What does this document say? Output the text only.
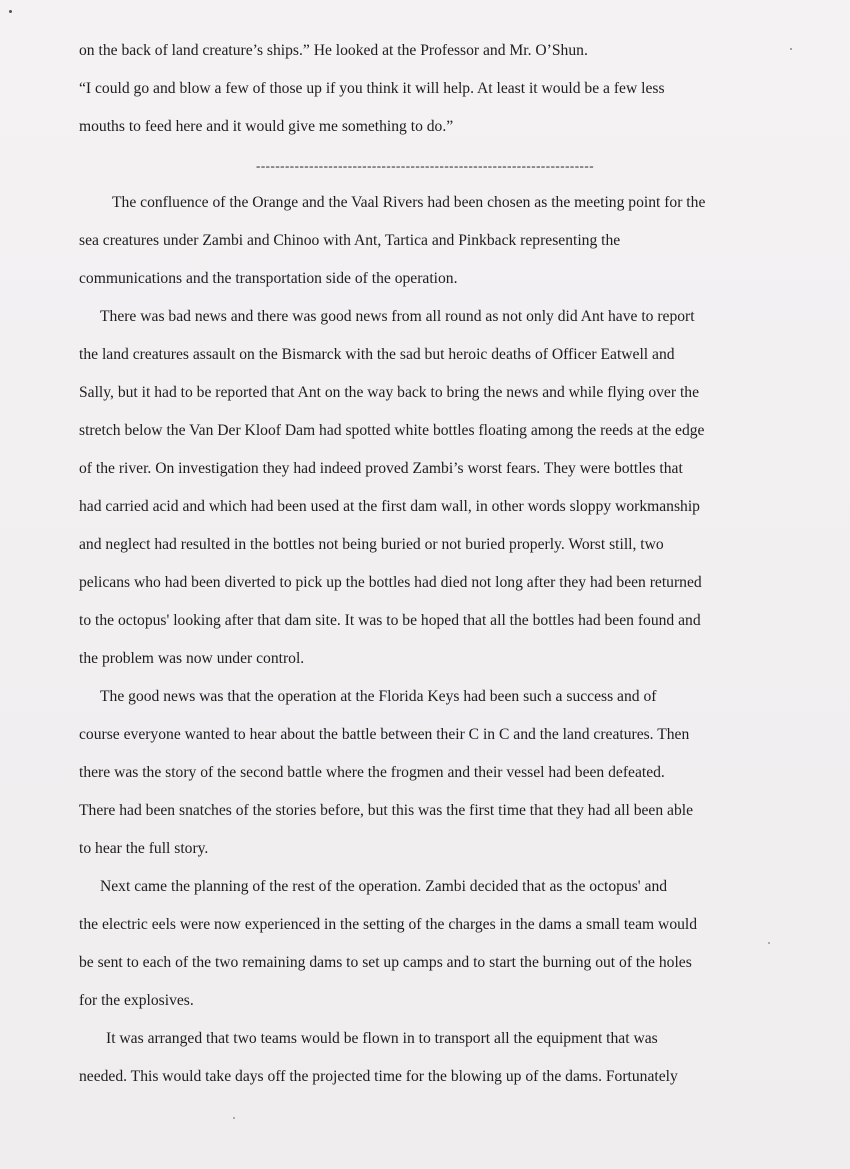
on the back of land creature’s ships.” He looked at the Professor and Mr. O’Shun.
“I could go and blow a few of those up if you think it will help. At least it would be a few less
mouths to feed here and it would give me something to do.”
----------------------------------------------------------------------
The confluence of the Orange and the Vaal Rivers had been chosen as the meeting point for the
sea creatures under Zambi and Chinoo with Ant, Tartica and Pinkback representing the
communications and the transportation side of the operation.
There was bad news and there was good news from all round as not only did Ant have to report
the land creatures assault on the Bismarck with the sad but heroic deaths of Officer Eatwell and
Sally, but it had to be reported that Ant on the way back to bring the news and while flying over the
stretch below the Van Der Kloof Dam had spotted white bottles floating among the reeds at the edge
of the river. On investigation they had indeed proved Zambi’s worst fears. They were bottles that
had carried acid and which had been used at the first dam wall, in other words sloppy workmanship
and neglect had resulted in the bottles not being buried or not buried properly. Worst still, two
pelicans who had been diverted to pick up the bottles had died not long after they had been returned
to the octopus' looking after that dam site. It was to be hoped that all the bottles had been found and
the problem was now under control.
The good news was that the operation at the Florida Keys had been such a success and of
course everyone wanted to hear about the battle between their C in C and the land creatures. Then
there was the story of the second battle where the frogmen and their vessel had been defeated.
There had been snatches of the stories before, but this was the first time that they had all been able
to hear the full story.
Next came the planning of the rest of the operation. Zambi decided that as the octopus' and
the electric eels were now experienced in the setting of the charges in the dams a small team would
be sent to each of the two remaining dams to set up camps and to start the burning out of the holes
for the explosives.
It was arranged that two teams would be flown in to transport all the equipment that was
needed. This would take days off the projected time for the blowing up of the dams. Fortunately
